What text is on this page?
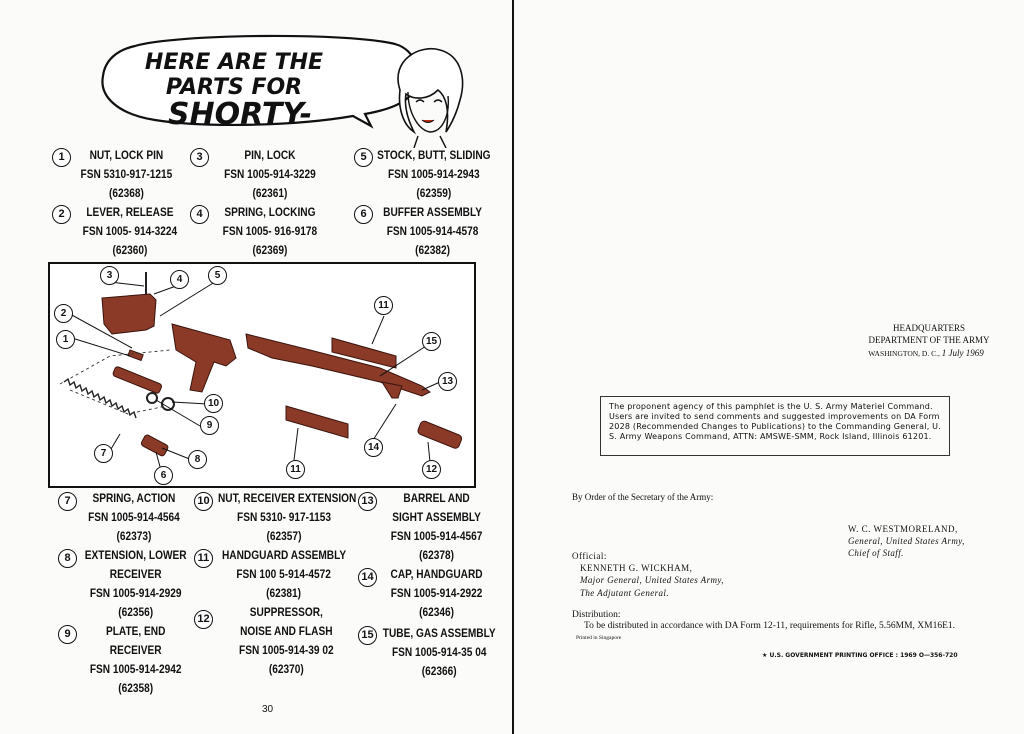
HERE ARE THE
PARTS FOR
SHORTY-
1	NUT, LOCK PIN
FSN 5310-917-1215
(62368)
2	LEVER, RELEASE
FSN 1005- 914-3224
(62360)
3	PIN, LOCK
FSN 1005-914-3229
(62361)
4	SPRING, LOCKING
FSN 1005- 916-9178
(62369)
5 STOCK, BUTT, SLIDING
FSN 1005-914-2943
(62359)
6	BUFFER ASSEMBLY
FSN 1005-914-4578
(62382)
3	4	5
2
1
11
15
13
10
9
14
7
8
6
11	12
7	SPRING, ACTION
FSN 1005-914-4564
(62373)
8	EXTENSION, LOWER
RECEIVER
FSN 1005-914-2929
(62356)
9	PLATE, END
RECEIVER
FSN 1005-914-2942
(62358)
10 NUT, RECEIVER EXTENSION
FSN 5310- 917-1153
(62357)
11	HANDGUARD ASSEMBLY
FSN 100 5-914-4572
(62381)
12	SUPPRESSOR,
NOISE AND FLASH
FSN 1005-914-39 02
(62370)
13	BARREL AND
SIGHT ASSEMBLY
FSN 1005-914-4567
(62378)
14	CAP, HANDGUARD
FSN 1005-914-2922
(62346)
15 TUBE, GAS ASSEMBLY
FSN 1005-914-35 04
(62366)
30
HEADQUARTERS
DEPARTMENT OF THE ARMY
WASHINGTON, D. C., 1 July 1969
The proponent agency of this pamphlet is the U. S. Army Materiel Command. Users are invited to send comments and suggested improvements on DA Form 2028 (Recommended Changes to Publications) to the Commanding General, U. S. Army Weapons Command, ATTN: AMSWE-SMM, Rock Island, Illinois 61201.
By Order of the Secretary of the Army:
W. C. WESTMORELAND,
General, United States Army,
Chief of Staff.
Official:
KENNETH G. WICKHAM,
Major General, United States Army,
The Adjutant General.
Distribution:
To be distributed in accordance with DA Form 12-11, requirements for Rifle, 5.56MM, XM16E1.
Printed in Singapore
★ U.S. GOVERNMENT PRINTING OFFICE : 1969 O—356-720
